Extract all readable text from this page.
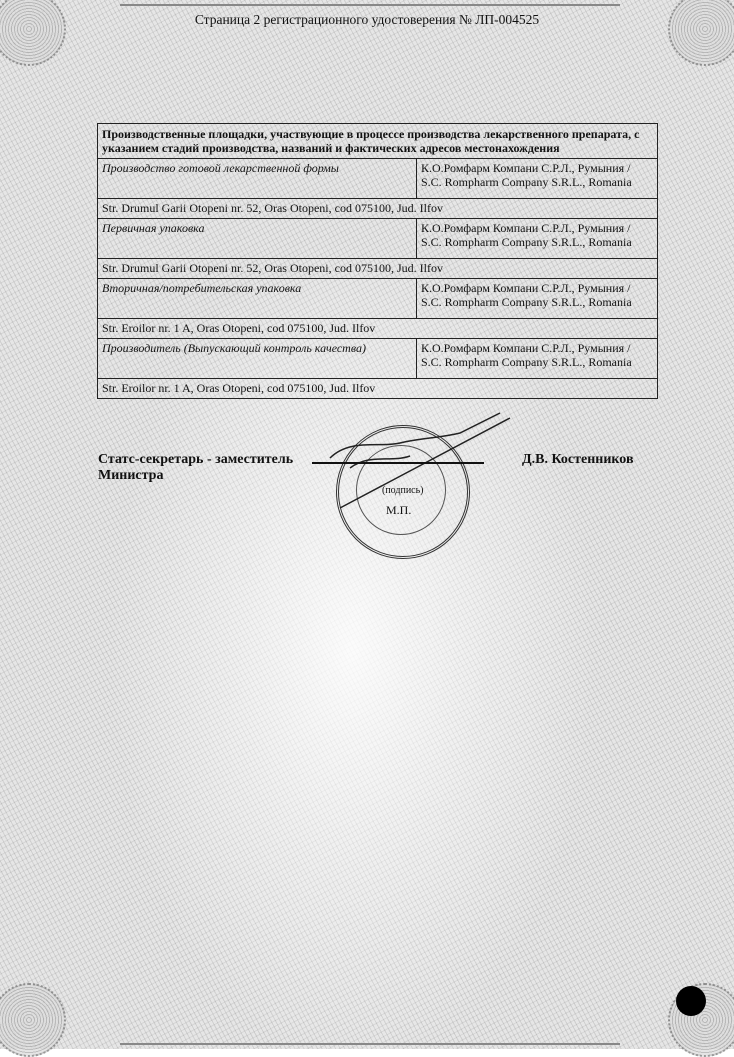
Страница 2 регистрационного удостоверения № ЛП-004525
Производственные площадки, участвующие в процессе производства лекарственного препарата, с указанием стадий производства, названий и фактических адресов местонахождения	
Производство готовой лекарственной формы	К.О.Ромфарм Компани С.Р.Л., Румыния /
S.C. Rompharm Company S.R.L., Romania
Str. Drumul Garii Otopeni nr. 52, Oras Otopeni, cod 075100, Jud. Ilfov	
Первичная упаковка	К.О.Ромфарм Компани С.Р.Л., Румыния /
S.C. Rompharm Company S.R.L., Romania
Str. Drumul Garii Otopeni nr. 52, Oras Otopeni, cod 075100, Jud. Ilfov	
Вторичная/потребительская упаковка	К.О.Ромфарм Компани С.Р.Л., Румыния /
S.C. Rompharm Company S.R.L., Romania
Str. Eroilor nr. 1 A, Oras Otopeni, cod 075100, Jud. Ilfov	
Производитель (Выпускающий контроль качества)	К.О.Ромфарм Компани С.Р.Л., Румыния /
S.C. Rompharm Company S.R.L., Romania
Str. Eroilor nr. 1 A, Oras Otopeni, cod 075100, Jud. Ilfov	
Статс-секретарь - заместитель
Министра
Д.В. Костенников
(подпись)
М.П.
